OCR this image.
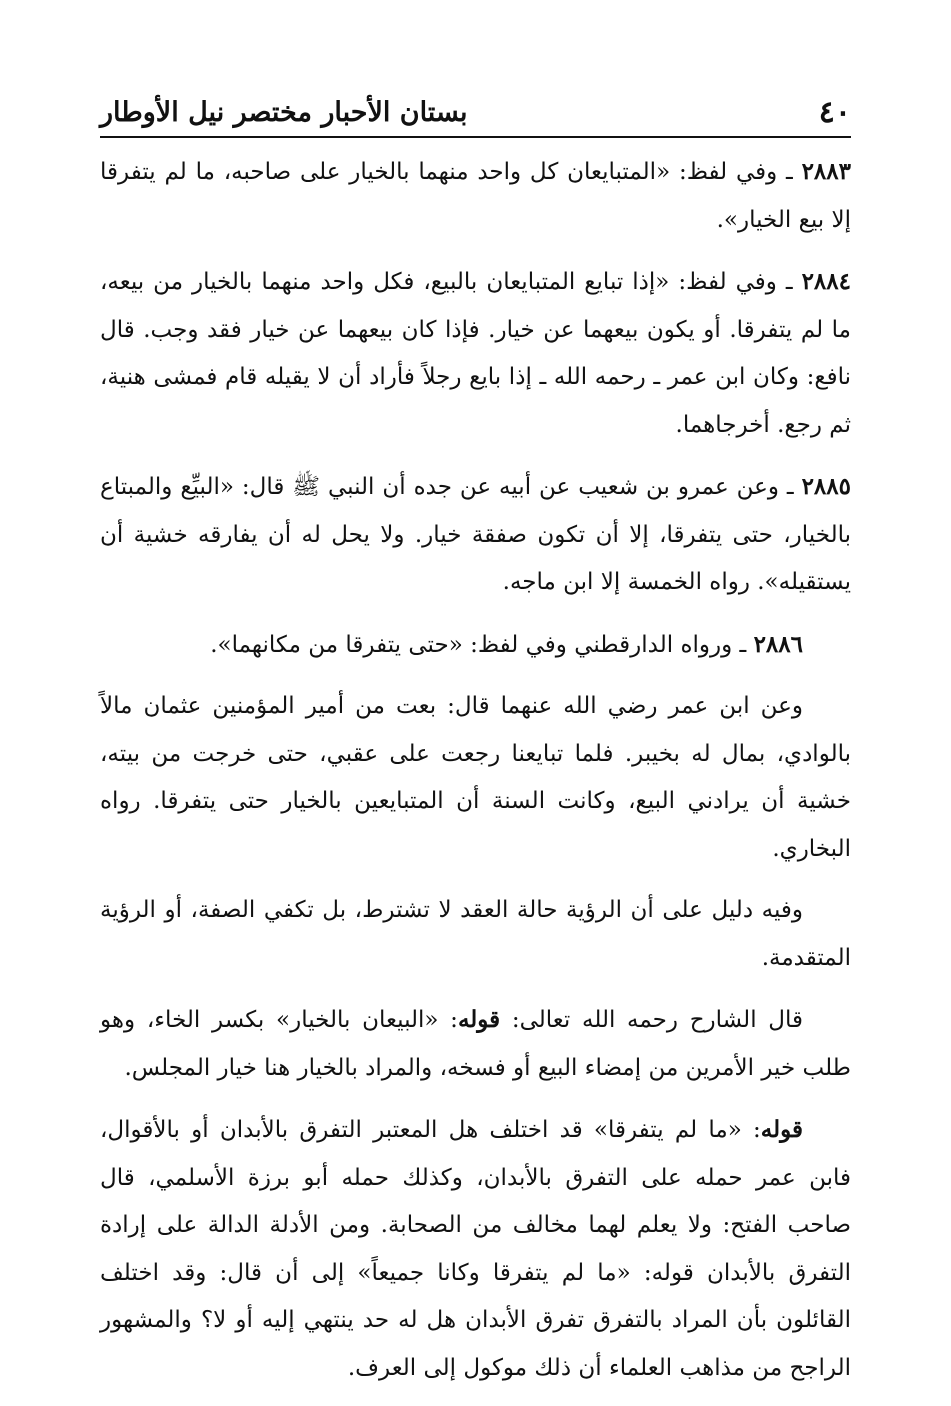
٤٠
بستان الأحبار مختصر نيل الأوطار

٢٨٨٣ ـ وفي لفظ: «المتبايعان كل واحد منهما بالخيار على صاحبه، ما لم يتفرقا إلا بيع الخيار».

٢٨٨٤ ـ وفي لفظ: «إذا تبايع المتبايعان بالبيع، فكل واحد منهما بالخيار من بيعه، ما لم يتفرقا. أو يكون بيعهما عن خيار. فإذا كان بيعهما عن خيار فقد وجب. قال نافع: وكان ابن عمر ـ رحمه الله ـ إذا بايع رجلاً فأراد أن لا يقيله قام فمشى هنية، ثم رجع. أخرجاهما.

٢٨٨٥ ـ وعن عمرو بن شعيب عن أبيه عن جده أن النبي ﷺ قال: «البيِّع والمبتاع بالخيار، حتى يتفرقا، إلا أن تكون صفقة خيار. ولا يحل له أن يفارقه خشية أن يستقيله». رواه الخمسة إلا ابن ماجه.

٢٨٨٦ ـ ورواه الدارقطني وفي لفظ: «حتى يتفرقا من مكانهما».

وعن ابن عمر رضي الله عنهما قال: بعت من أمير المؤمنين عثمان مالاً بالوادي، بمال له بخيبر. فلما تبايعنا رجعت على عقبي، حتى خرجت من بيته، خشية أن يرادني البيع، وكانت السنة أن المتبايعين بالخيار حتى يتفرقا. رواه البخاري.

وفيه دليل على أن الرؤية حالة العقد لا تشترط، بل تكفي الصفة، أو الرؤية المتقدمة.

قال الشارح رحمه الله تعالى: قوله: «البيعان بالخيار» بكسر الخاء، وهو طلب خير الأمرين من إمضاء البيع أو فسخه، والمراد بالخيار هنا خيار المجلس.

قوله: «ما لم يتفرقا» قد اختلف هل المعتبر التفرق بالأبدان أو بالأقوال، فابن عمر حمله على التفرق بالأبدان، وكذلك حمله أبو برزة الأسلمي، قال صاحب الفتح: ولا يعلم لهما مخالف من الصحابة. ومن الأدلة الدالة على إرادة التفرق بالأبدان قوله: «ما لم يتفرقا وكانا جميعاً» إلى أن قال: وقد اختلف القائلون بأن المراد بالتفرق تفرق الأبدان هل له حد ينتهي إليه أو لا؟ والمشهور الراجح من مذاهب العلماء أن ذلك موكول إلى العرف.
